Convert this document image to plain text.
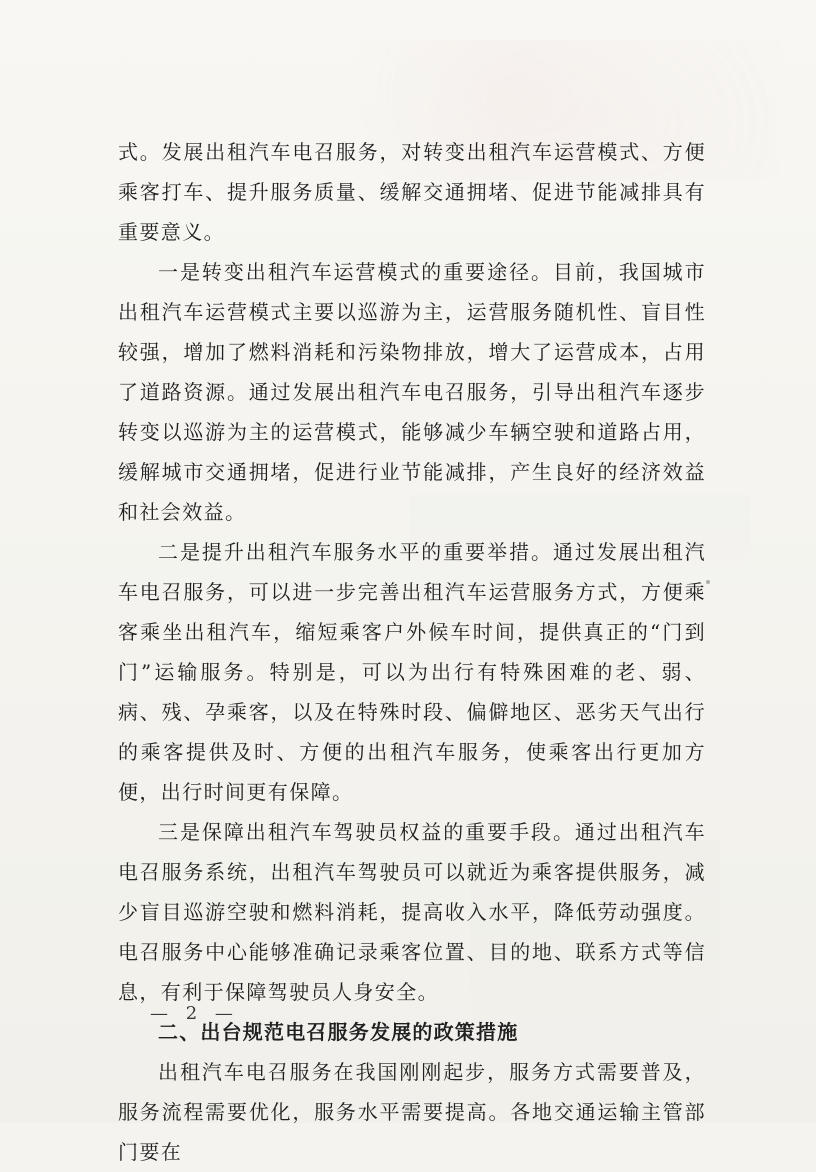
式。发展出租汽车电召服务，对转变出租汽车运营模式、方便乘客打车、提升服务质量、缓解交通拥堵、促进节能减排具有重要意义。

一是转变出租汽车运营模式的重要途径。目前，我国城市出租汽车运营模式主要以巡游为主，运营服务随机性、盲目性较强，增加了燃料消耗和污染物排放，增大了运营成本，占用了道路资源。通过发展出租汽车电召服务，引导出租汽车逐步转变以巡游为主的运营模式，能够减少车辆空驶和道路占用，缓解城市交通拥堵，促进行业节能减排，产生良好的经济效益和社会效益。

二是提升出租汽车服务水平的重要举措。通过发展出租汽车电召服务，可以进一步完善出租汽车运营服务方式，方便乘客乘坐出租汽车，缩短乘客户外候车时间，提供真正的“门到门”运输服务。特别是，可以为出行有特殊困难的老、弱、病、残、孕乘客，以及在特殊时段、偏僻地区、恶劣天气出行的乘客提供及时、方便的出租汽车服务，使乘客出行更加方便，出行时间更有保障。

三是保障出租汽车驾驶员权益的重要手段。通过出租汽车电召服务系统，出租汽车驾驶员可以就近为乘客提供服务，减少盲目巡游空驶和燃料消耗，提高收入水平，降低劳动强度。电召服务中心能够准确记录乘客位置、目的地、联系方式等信息，有利于保障驾驶员人身安全。

二、出台规范电召服务发展的政策措施

出租汽车电召服务在我国刚刚起步，服务方式需要普及，服务流程需要优化，服务水平需要提高。各地交通运输主管部门要在

— 2 —
